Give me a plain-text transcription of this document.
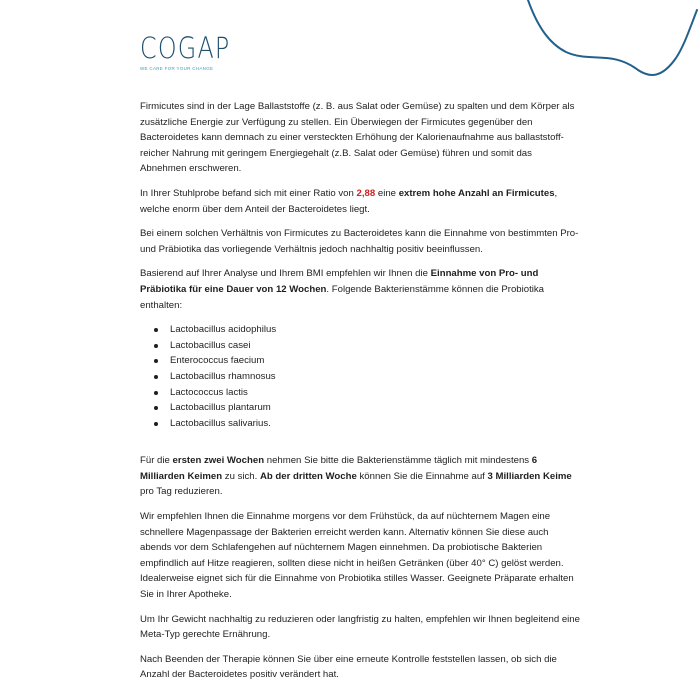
COGAP
WE CARE FOR YOUR CHANGE

Firmicutes sind in der Lage Ballaststoffe (z. B. aus Salat oder Gemüse) zu spalten und dem Körper als zusätzliche Energie zur Verfügung zu stellen. Ein Überwiegen der Firmicutes gegenüber den Bacteroidetes kann demnach zu einer versteckten Erhöhung der Kalorienaufnahme aus ballaststoff-reicher Nahrung mit geringem Energiegehalt (z.B. Salat oder Gemüse) führen und somit das Abnehmen erschweren.

In Ihrer Stuhlprobe befand sich mit einer Ratio von 2,88 eine extrem hohe Anzahl an Firmicutes, welche enorm über dem Anteil der Bacteroidetes liegt.

Bei einem solchen Verhältnis von Firmicutes zu Bacteroidetes kann die Einnahme von bestimmten Pro- und Präbiotika das vorliegende Verhältnis jedoch nachhaltig positiv beeinflussen.

Basierend auf Ihrer Analyse und Ihrem BMI empfehlen wir Ihnen die Einnahme von Pro- und Präbiotika für eine Dauer von 12 Wochen. Folgende Bakterienstämme können die Probiotika enthalten:

Lactobacillus acidophilus
Lactobacillus casei
Enterococcus faecium
Lactobacillus rhamnosus
Lactococcus lactis
Lactobacillus plantarum
Lactobacillus salivarius.

Für die ersten zwei Wochen nehmen Sie bitte die Bakterienstämme täglich mit mindestens 6 Milliarden Keimen zu sich. Ab der dritten Woche können Sie die Einnahme auf 3 Milliarden Keime pro Tag reduzieren.

Wir empfehlen Ihnen die Einnahme morgens vor dem Frühstück, da auf nüchternem Magen eine schnellere Magenpassage der Bakterien erreicht werden kann. Alternativ können Sie diese auch abends vor dem Schlafengehen auf nüchternem Magen einnehmen. Da probiotische Bakterien empfindlich auf Hitze reagieren, sollten diese nicht in heißen Getränken (über 40° C) gelöst werden. Idealerweise eignet sich für die Einnahme von Probiotika stilles Wasser. Geeignete Präparate erhalten Sie in Ihrer Apotheke.

Um Ihr Gewicht nachhaltig zu reduzieren oder langfristig zu halten, empfehlen wir Ihnen begleitend eine Meta-Typ gerechte Ernährung.

Nach Beenden der Therapie können Sie über eine erneute Kontrolle feststellen lassen, ob sich die Anzahl der Bacteroidetes positiv verändert hat.
